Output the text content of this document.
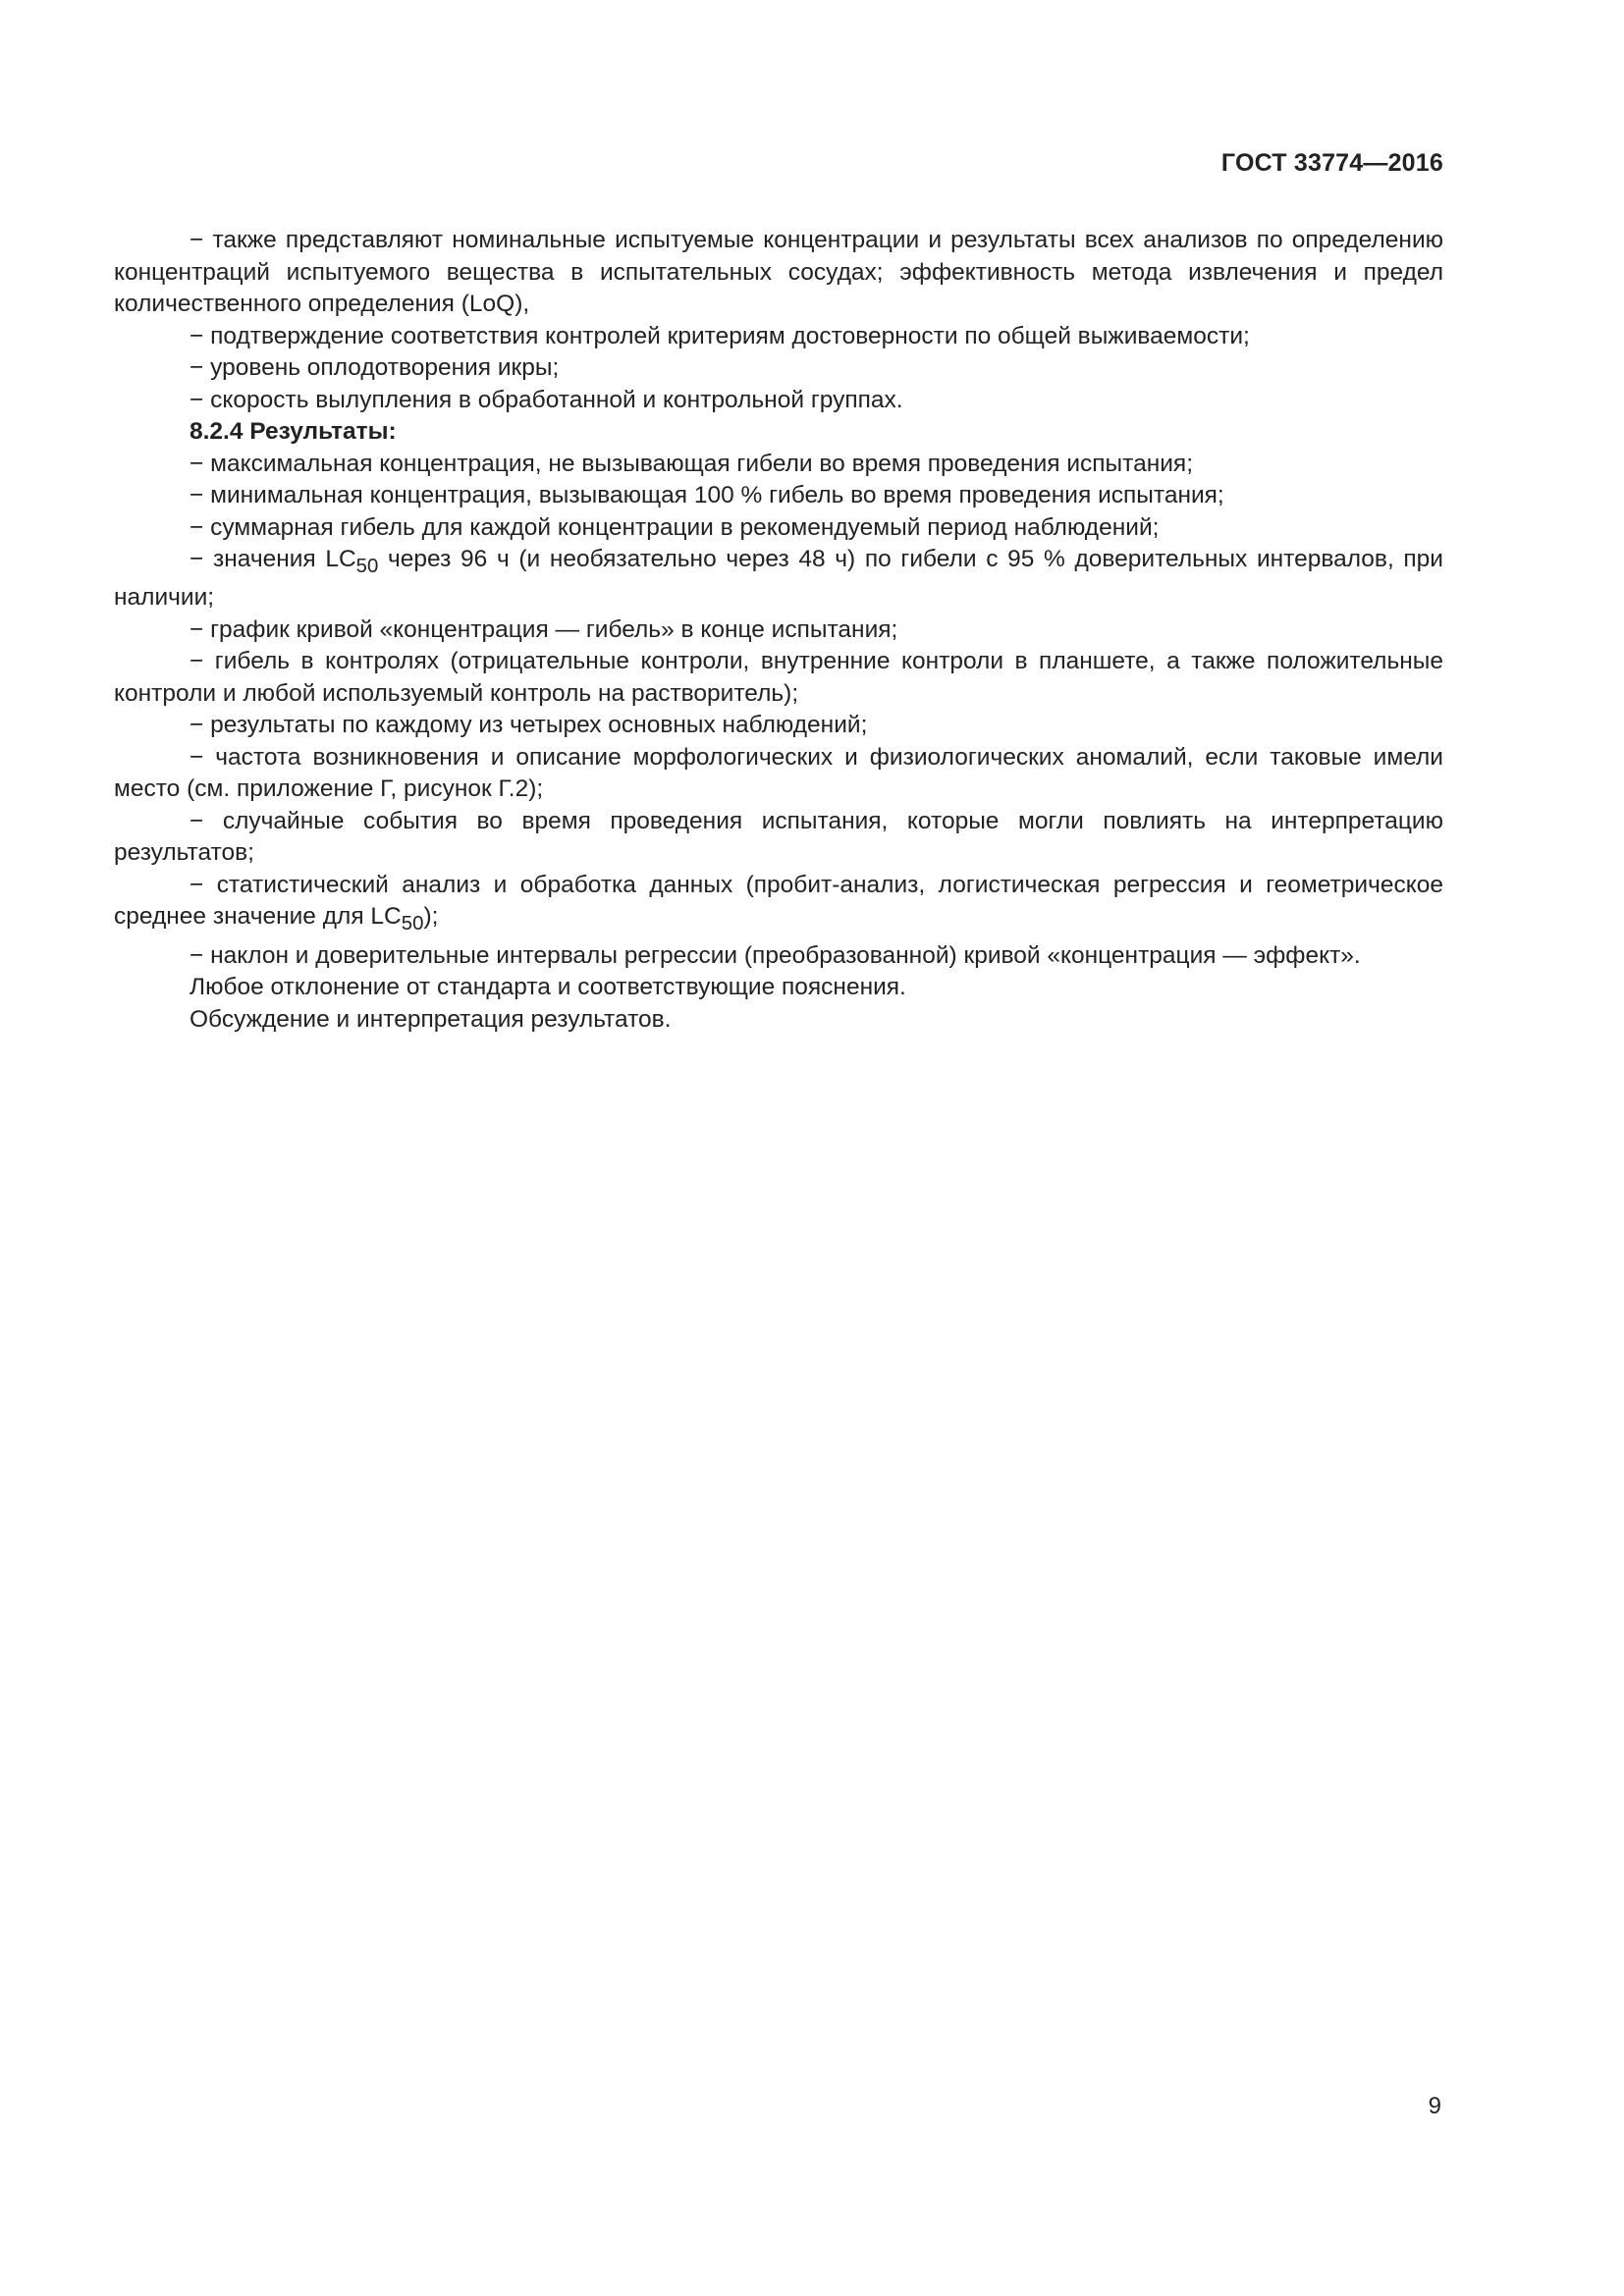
ГОСТ 33774—2016

− также представляют номинальные испытуемые концентрации и результаты всех анализов по определению концентраций испытуемого вещества в испытательных сосудах; эффективность метода извлечения и предел количественного определения (LoQ),

− подтверждение соответствия контролей критериям достоверности по общей выживаемости;

− уровень оплодотворения икры;

− скорость вылупления в обработанной и контрольной группах.

8.2.4 Результаты:

− максимальная концентрация, не вызывающая гибели во время проведения испытания;

− минимальная концентрация, вызывающая 100 % гибель во время проведения испытания;

− суммарная гибель для каждой концентрации в рекомендуемый период наблюдений;

− значения $LC_{50}$ через 96 ч (и необязательно через 48 ч) по гибели с 95 % доверительных интервалов, при наличии;

− график кривой «концентрация — гибель» в конце испытания;

− гибель в контролях (отрицательные контроли, внутренние контроли в планшете, а также положительные контроли и любой используемый контроль на растворитель);

− результаты по каждому из четырех основных наблюдений;

− частота возникновения и описание морфологических и физиологических аномалий, если таковые имели место (см. приложение Г, рисунок Г.2);

− случайные события во время проведения испытания, которые могли повлиять на интерпретацию результатов;

− статистический анализ и обработка данных (пробит-анализ, логистическая регрессия и геометрическое среднее значение для $LC_{50}$);

− наклон и доверительные интервалы регрессии (преобразованной) кривой «концентрация — эффект».

Любое отклонение от стандарта и соответствующие пояснения.

Обсуждение и интерпретация результатов.

9
